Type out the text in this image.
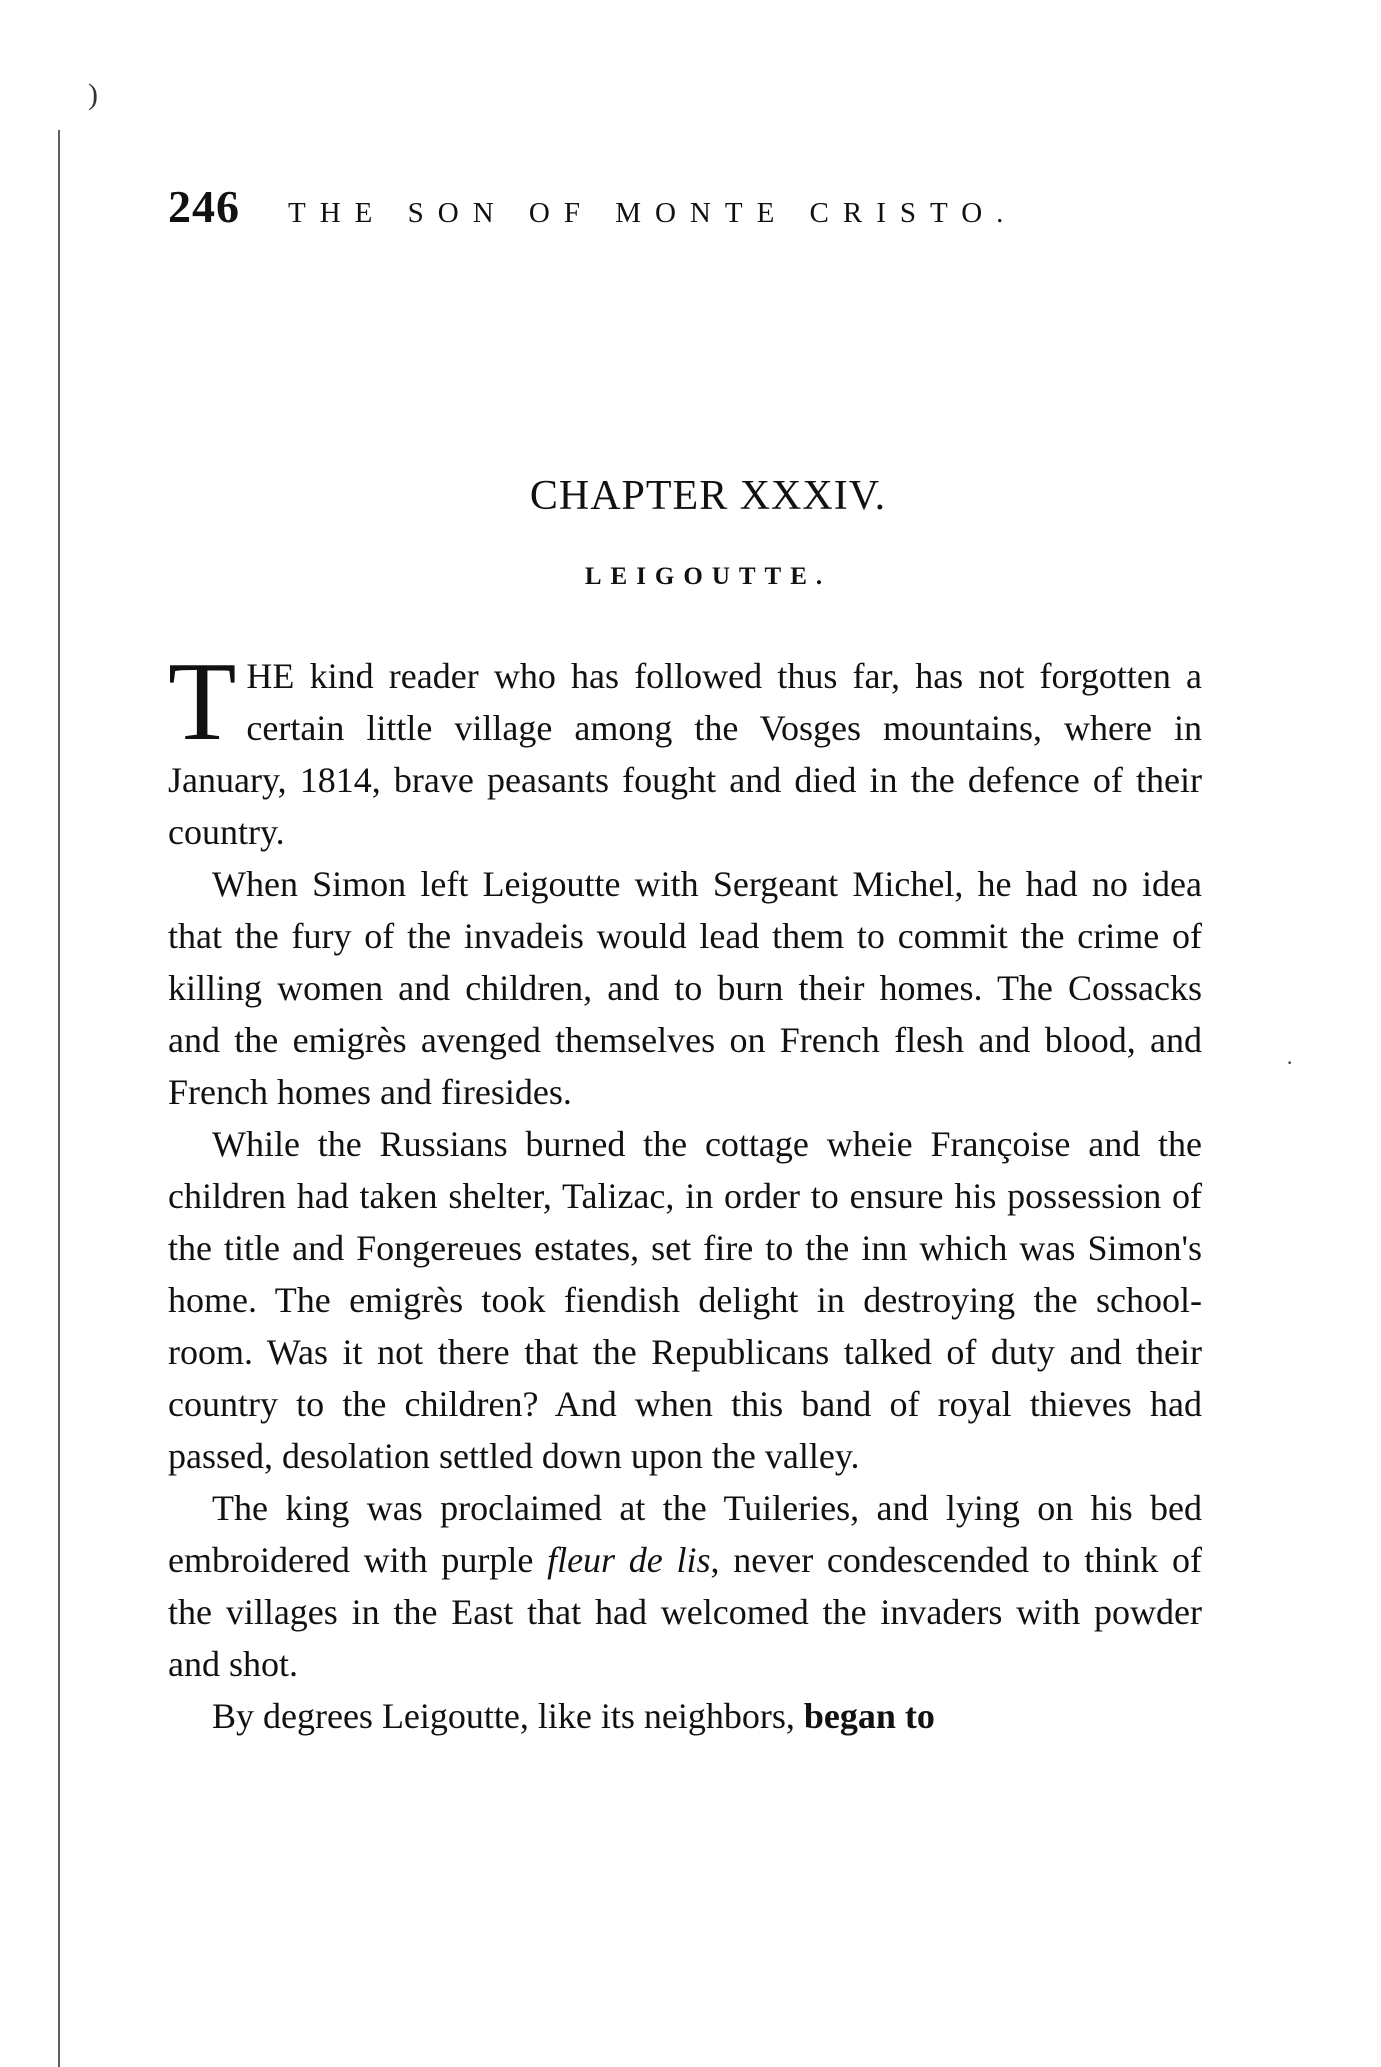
)
·
246 THE SON OF MONTE CRISTO.
CHAPTER XXXIV.
LEIGOUTTE.

THE kind reader who has followed thus far, has not forgotten a certain little village among the Vosges mountains, where in January, 1814, brave peasants fought and died in the defence of their country.

When Simon left Leigoutte with Sergeant Michel, he had no idea that the fury of the invadeis would lead them to commit the crime of killing women and children, and to burn their homes. The Cossacks and the emigrès avenged themselves on French flesh and blood, and French homes and firesides.

While the Russians burned the cottage wheie Françoise and the children had taken shelter, Talizac, in order to ensure his possession of the title and Fongereues estates, set fire to the inn which was Simon's home. The emigrès took fiendish delight in destroying the school-room. Was it not there that the Republicans talked of duty and their country to the children? And when this band of royal thieves had passed, desolation settled down upon the valley.

The king was proclaimed at the Tuileries, and lying on his bed embroidered with purple fleur de lis, never condescended to think of the villages in the East that had welcomed the invaders with powder and shot.

By degrees Leigoutte, like its neighbors, began to
